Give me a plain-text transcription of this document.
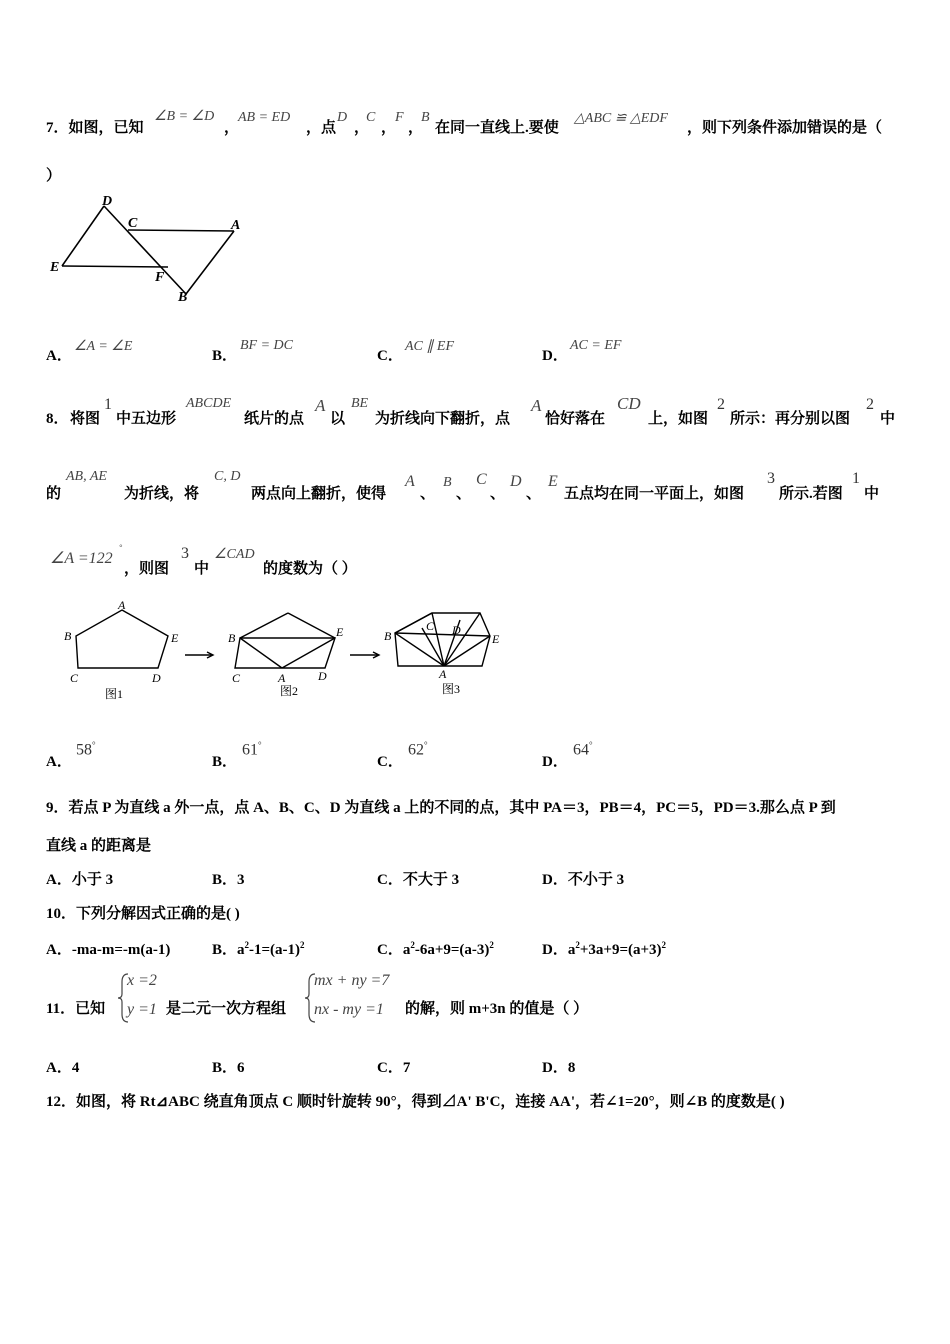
7．如图，已知
∠B = ∠D
，
AB = ED
，点
D
，
C
，
F
，
B
在同一直线上.要使
△ABC ≌ △EDF
，则下列条件添加错误的是（
）
D
C	A
E
F
B
A．
∠A = ∠E
B．
BF = DC
C．
AC ∥ EF
D．
AC = EF
8． 将图
1
中五边形
ABCDE
纸片的点
A
以
BE
为折线向下翻折，点
A
恰好落在
CD
上，如图
2
所示：再分别以图
2
中
的
AB, AE
为折线，将
C, D
两点向上翻折，使得
A
、
B
、
C
、
D
、
E
五点均在同一平面上，如图
3
所示.若图
1
中
∠A =122
°
，则图
3
中
∠CAD
的度数为（ ）
A
B
C	D
E	B	E
C	A	D
B
C D
E
A
图1	图2	图3
A．
58°
B．
61°
C．
62°
D．
64°
9．若点 P 为直线 a 外一点，点 A、B、C、D 为直线 a 上的不同的点，其中 PA＝3，PB＝4，PC＝5，PD＝3.那么点 P 到
直线 a 的距离是
A．小于 3	B．3	C．不大于 3	D．不小于 3
10．下列分解因式正确的是( )
A．-ma-m=-m(a-1)	B．$a^2-1=(a-1)^2$	C．$a^2-6a+9=(a-3)^2$	D．$a^2+3a+9=(a+3)^2$
11．已知
x =2
y =1 是二元一次方程组
mx + ny =7
nx - my =1 的解，则 m+3n 的值是（ ）
A．4	B．6	C．7	D．8
12．如图，将 Rt⊿ABC 绕直角顶点 C 顺时针旋转 90°，得到⊿A' B'C，连接 AA'，若∠1=20°，则∠B 的度数是( )
